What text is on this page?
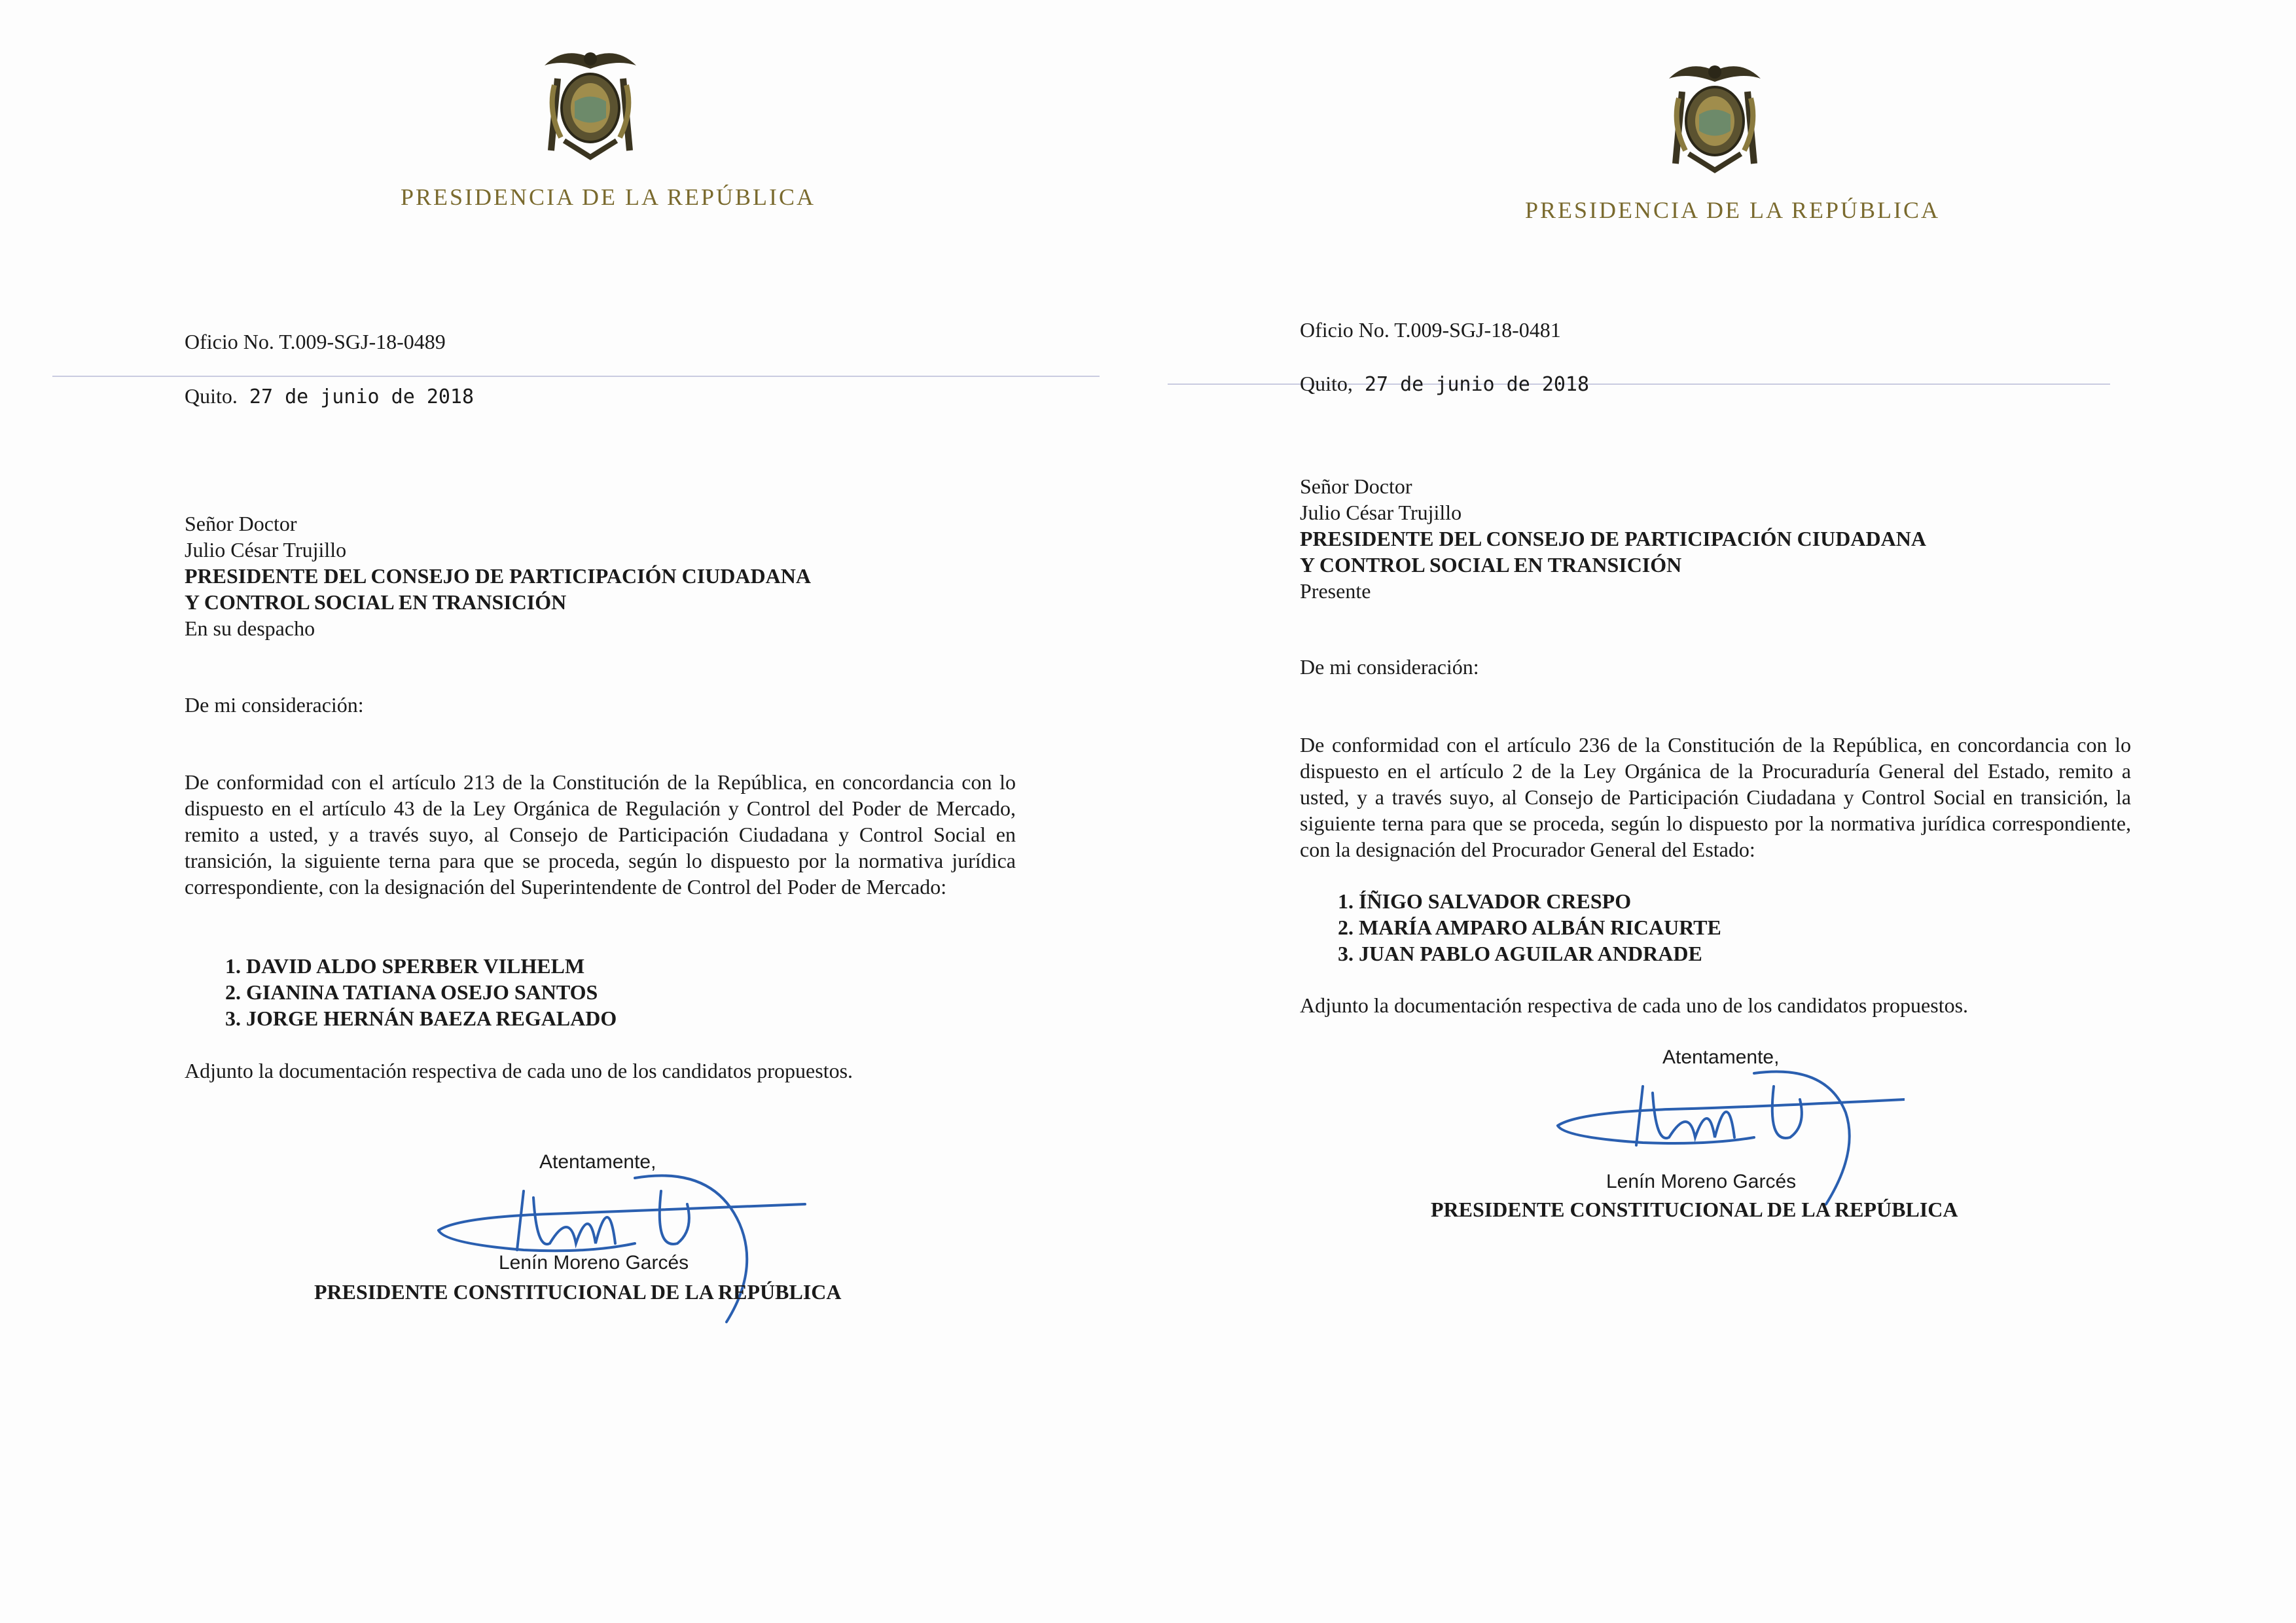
PRESIDENCIA DE LA REPÚBLICA
Oficio No. T.009-SGJ-18-0489
Quito. 27 de junio de 2018
Señor Doctor
Julio César Trujillo
PRESIDENTE DEL CONSEJO DE PARTICIPACIÓN CIUDADANA
Y CONTROL SOCIAL EN TRANSICIÓN
En su despacho
De mi consideración:
De conformidad con el artículo 213 de la Constitución de la República, en concordancia con lo dispuesto en el artículo 43 de la Ley Orgánica de Regulación y Control del Poder de Mercado, remito a usted, y a través suyo, al Consejo de Participación Ciudadana y Control Social en transición, la siguiente terna para que se proceda, según lo dispuesto por la normativa jurídica correspondiente, con la designación del Superintendente de Control del Poder de Mercado:
1. DAVID ALDO SPERBER VILHELM
2. GIANINA TATIANA OSEJO SANTOS
3. JORGE HERNÁN BAEZA REGALADO
Adjunto la documentación respectiva de cada uno de los candidatos propuestos.
Atentamente,
Lenín Moreno Garcés
PRESIDENTE CONSTITUCIONAL DE LA REPÚBLICA
PRESIDENCIA DE LA REPÚBLICA
Oficio No. T.009-SGJ-18-0481
Quito, 27 de junio de 2018
Señor Doctor
Julio César Trujillo
PRESIDENTE DEL CONSEJO DE PARTICIPACIÓN CIUDADANA
Y CONTROL SOCIAL EN TRANSICIÓN
Presente
De mi consideración:
De conformidad con el artículo 236 de la Constitución de la República, en concordancia con lo dispuesto en el artículo 2 de la Ley Orgánica de la Procuraduría General del Estado, remito a usted, y a través suyo, al Consejo de Participación Ciudadana y Control Social en transición, la siguiente terna para que se proceda, según lo dispuesto por la normativa jurídica correspondiente, con la designación del Procurador General del Estado:
1. ÍÑIGO SALVADOR CRESPO
2. MARÍA AMPARO ALBÁN RICAURTE
3. JUAN PABLO AGUILAR ANDRADE
Adjunto la documentación respectiva de cada uno de los candidatos propuestos.
Atentamente,
Lenín Moreno Garcés
PRESIDENTE CONSTITUCIONAL DE LA REPÚBLICA
